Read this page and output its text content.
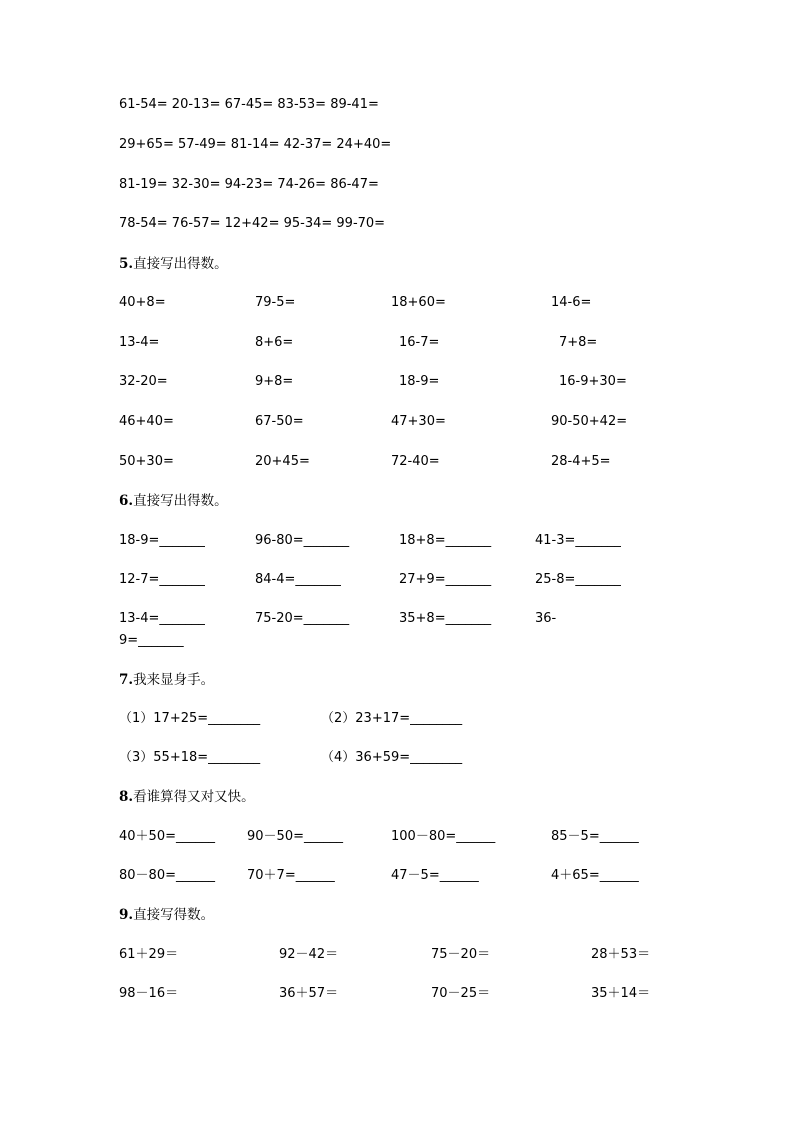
61-54= 20-13= 67-45= 83-53= 89-41=
29+65= 57-49= 81-14= 42-37= 24+40=
81-19= 32-30= 94-23= 74-26= 86-47=
78-54= 76-57= 12+42= 95-34= 99-70=
5.直接写出得数。
40+8=	79-5=	18+60=	14-6=
13-4=	8+6=	16-7=	7+8=
32-20=	9+8=	18-9=	16-9+30=
46+40=	67-50=	47+30=	90-50+42=
50+30=	20+45=	72-40=	28-4+5=
6.直接写出得数。
18-9=_______	96-80=_______	18+8=_______	41-3=_______
12-7=_______	84-4=_______	27+9=_______	25-8=_______
13-4=_______	75-20=_______	35+8=_______	36-
9=_______
7.我来显身手。
（1）17+25=________	（2）23+17=________
（3）55+18=________	（4）36+59=________
8.看谁算得又对又快。
40＋50=______ 90－50=______	100－80=______	85－5=______
80－80=______ 70＋7=______	47－5=______	4＋65=______
9.直接写得数。
61＋29＝	92－42＝	75－20＝	28＋53＝
98－16＝	36＋57＝	70－25＝	35＋14＝
